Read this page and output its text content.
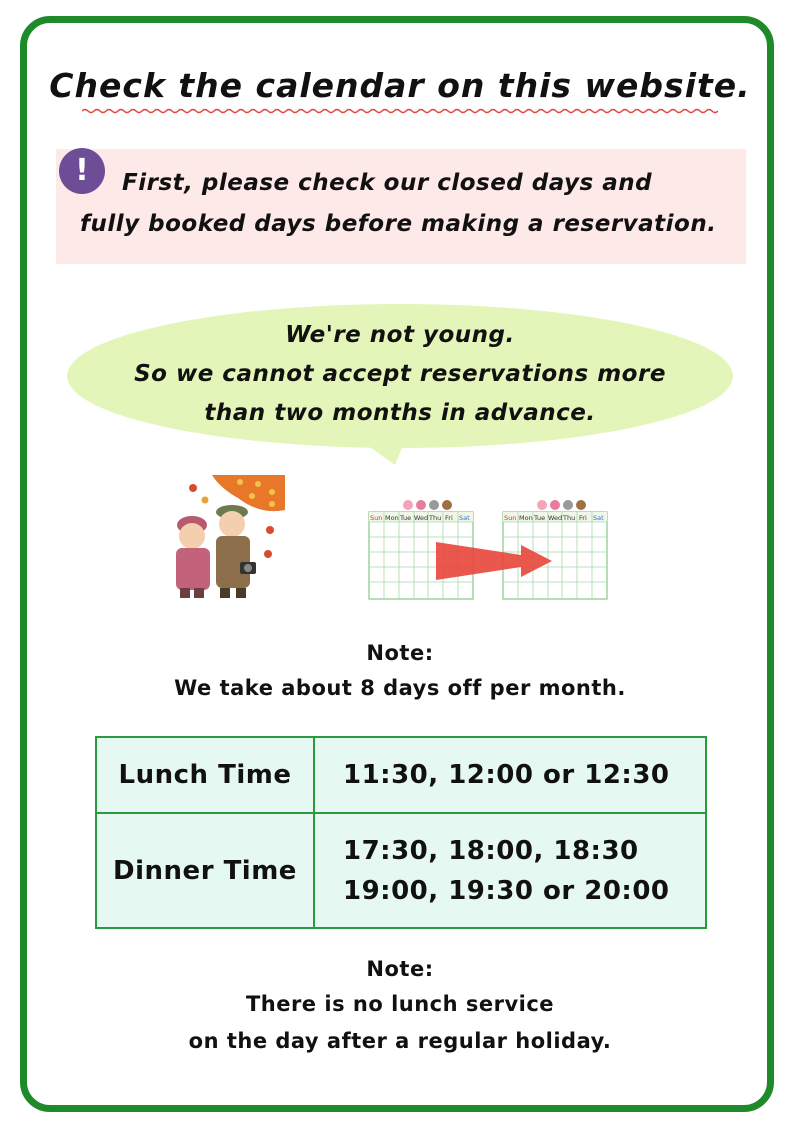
Check the calendar on this website.
!	First, please check our closed days and
fully booked days before making a reservation.
We're not young.
So we cannot accept reservations more
than two months in advance.
Sun Mon Tue Wed Thu Fri Sat	Sun Mon Tue Wed Thu Fri Sat
Note:
We take about 8 days off per month.
Lunch Time	11:30, 12:00 or 12:30

Dinner Time	17:30, 18:00, 18:30
19:00, 19:30 or 20:00
Note:
There is no lunch service
on the day after a regular holiday.
